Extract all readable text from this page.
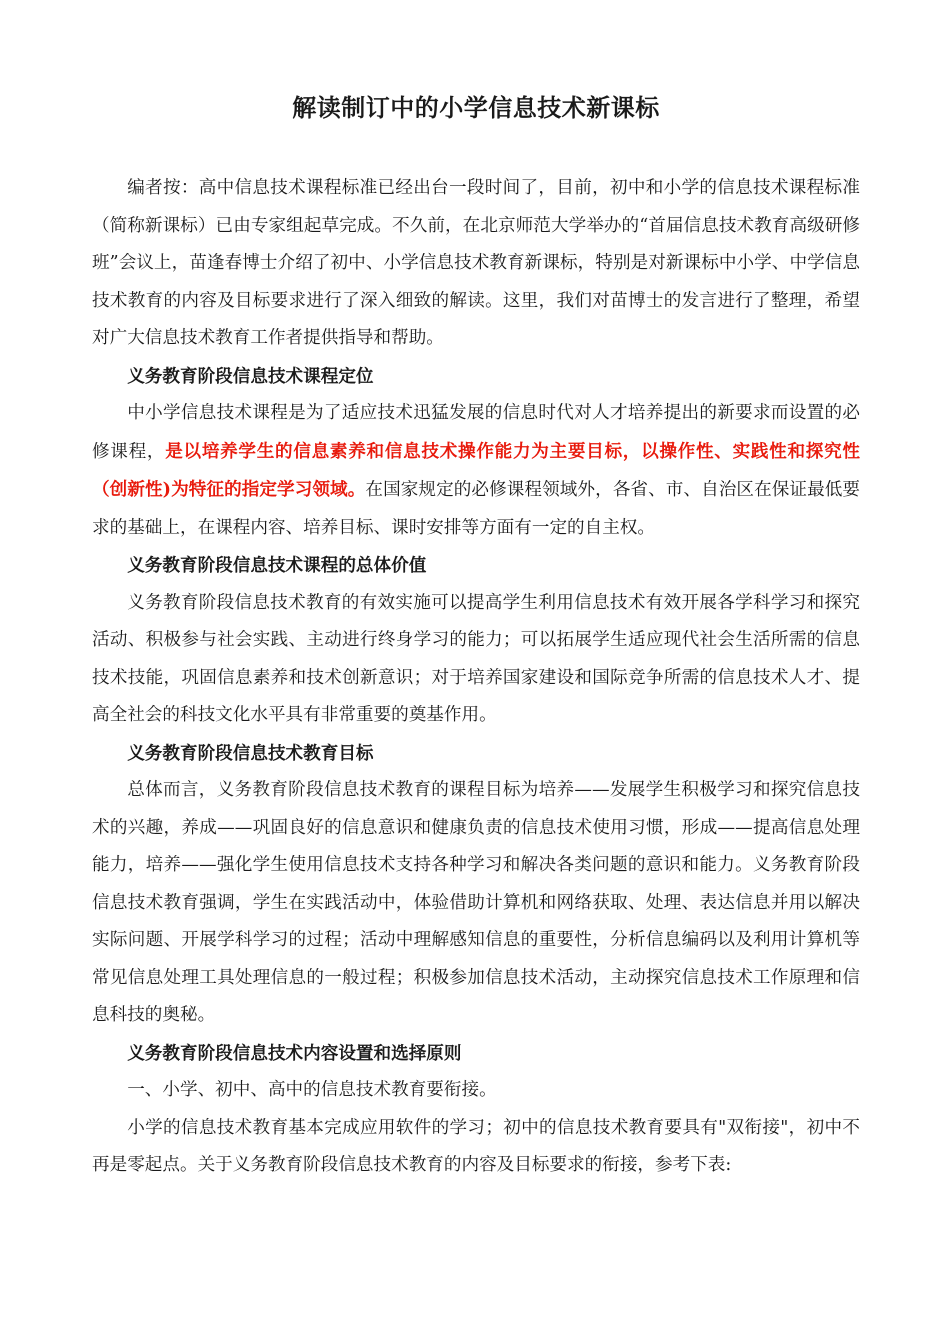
解读制订中的小学信息技术新课标

编者按：高中信息技术课程标准已经出台一段时间了，目前，初中和小学的信息技术课程标准（简称新课标）已由专家组起草完成。不久前，在北京师范大学举办的“首届信息技术教育高级研修班”会议上，苗逢春博士介绍了初中、小学信息技术教育新课标，特别是对新课标中小学、中学信息技术教育的内容及目标要求进行了深入细致的解读。这里，我们对苗博士的发言进行了整理，希望对广大信息技术教育工作者提供指导和帮助。

义务教育阶段信息技术课程定位

中小学信息技术课程是为了适应技术迅猛发展的信息时代对人才培养提出的新要求而设置的必修课程，是以培养学生的信息素养和信息技术操作能力为主要目标，以操作性、实践性和探究性（创新性)为特征的指定学习领域。在国家规定的必修课程领域外，各省、市、自治区在保证最低要求的基础上，在课程内容、培养目标、课时安排等方面有一定的自主权。

义务教育阶段信息技术课程的总体价值

义务教育阶段信息技术教育的有效实施可以提高学生利用信息技术有效开展各学科学习和探究活动、积极参与社会实践、主动进行终身学习的能力；可以拓展学生适应现代社会生活所需的信息技术技能，巩固信息素养和技术创新意识；对于培养国家建设和国际竞争所需的信息技术人才、提高全社会的科技文化水平具有非常重要的奠基作用。

义务教育阶段信息技术教育目标

总体而言，义务教育阶段信息技术教育的课程目标为培养——发展学生积极学习和探究信息技术的兴趣，养成——巩固良好的信息意识和健康负责的信息技术使用习惯，形成——提高信息处理能力，培养——强化学生使用信息技术支持各种学习和解决各类问题的意识和能力。义务教育阶段信息技术教育强调，学生在实践活动中，体验借助计算机和网络获取、处理、表达信息并用以解决实际问题、开展学科学习的过程；活动中理解感知信息的重要性，分析信息编码以及利用计算机等常见信息处理工具处理信息的一般过程；积极参加信息技术活动，主动探究信息技术工作原理和信息科技的奥秘。

义务教育阶段信息技术内容设置和选择原则

一、小学、初中、高中的信息技术教育要衔接。

小学的信息技术教育基本完成应用软件的学习；初中的信息技术教育要具有"双衔接"，初中不再是零起点。关于义务教育阶段信息技术教育的内容及目标要求的衔接，参考下表:
